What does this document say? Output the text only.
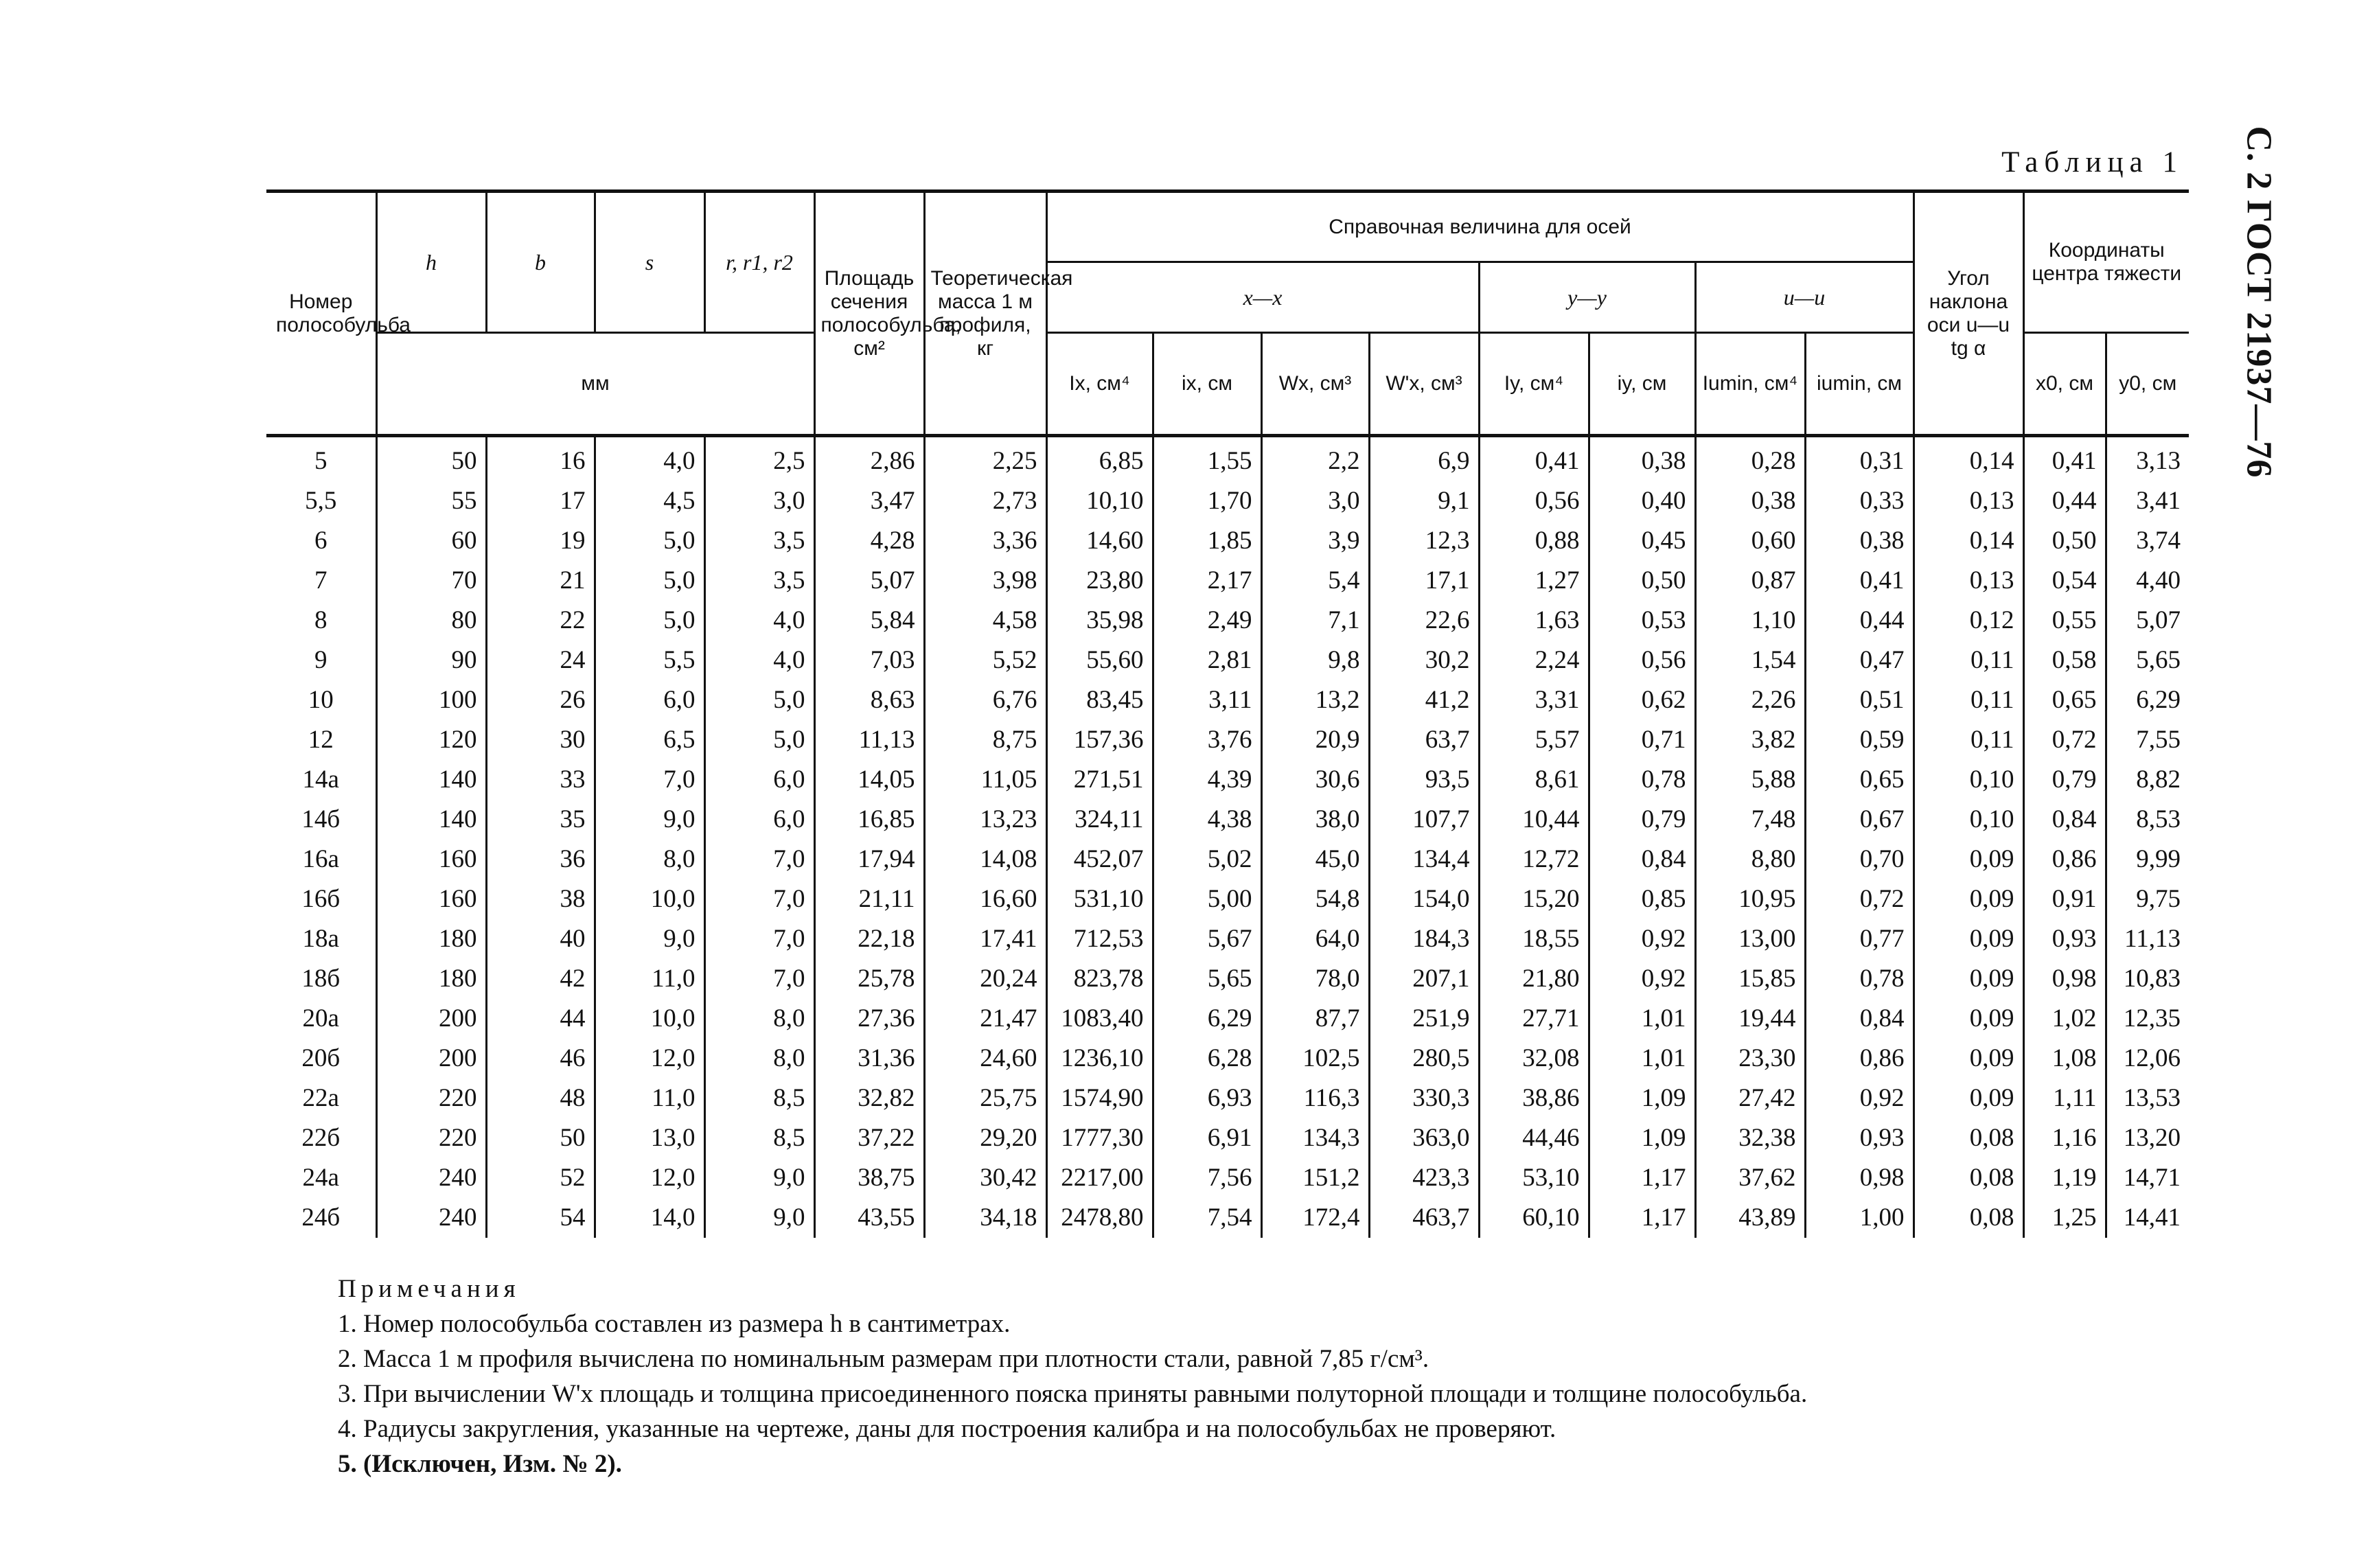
С. 2 ГОСТ 21937—76
Таблица 1
Номер полособульба	h	b	s	r, r1, r2	Площадь сечения полособульба, см²	Теоретическая масса 1 м профиля, кг	Справочная величина для осей								Угол наклона оси u—u tg α	Координаты центра тяжести	
							x—x				y—y		u—u				
	мм						Ix, см⁴	ix, см	Wx, см³	W'x, см³	Iy, см⁴	iy, см	Iumin, см⁴	iumin, см		x0, см	y0, см
5	50	16	4,0	2,5	2,86	2,25	6,85	1,55	2,2	6,9	0,41	0,38	0,28	0,31	0,14	0,41	3,13
5,5	55	17	4,5	3,0	3,47	2,73	10,10	1,70	3,0	9,1	0,56	0,40	0,38	0,33	0,13	0,44	3,41
6	60	19	5,0	3,5	4,28	3,36	14,60	1,85	3,9	12,3	0,88	0,45	0,60	0,38	0,14	0,50	3,74
7	70	21	5,0	3,5	5,07	3,98	23,80	2,17	5,4	17,1	1,27	0,50	0,87	0,41	0,13	0,54	4,40
8	80	22	5,0	4,0	5,84	4,58	35,98	2,49	7,1	22,6	1,63	0,53	1,10	0,44	0,12	0,55	5,07
9	90	24	5,5	4,0	7,03	5,52	55,60	2,81	9,8	30,2	2,24	0,56	1,54	0,47	0,11	0,58	5,65
10	100	26	6,0	5,0	8,63	6,76	83,45	3,11	13,2	41,2	3,31	0,62	2,26	0,51	0,11	0,65	6,29
12	120	30	6,5	5,0	11,13	8,75	157,36	3,76	20,9	63,7	5,57	0,71	3,82	0,59	0,11	0,72	7,55
14а	140	33	7,0	6,0	14,05	11,05	271,51	4,39	30,6	93,5	8,61	0,78	5,88	0,65	0,10	0,79	8,82
14б	140	35	9,0	6,0	16,85	13,23	324,11	4,38	38,0	107,7	10,44	0,79	7,48	0,67	0,10	0,84	8,53
16а	160	36	8,0	7,0	17,94	14,08	452,07	5,02	45,0	134,4	12,72	0,84	8,80	0,70	0,09	0,86	9,99
16б	160	38	10,0	7,0	21,11	16,60	531,10	5,00	54,8	154,0	15,20	0,85	10,95	0,72	0,09	0,91	9,75
18а	180	40	9,0	7,0	22,18	17,41	712,53	5,67	64,0	184,3	18,55	0,92	13,00	0,77	0,09	0,93	11,13
18б	180	42	11,0	7,0	25,78	20,24	823,78	5,65	78,0	207,1	21,80	0,92	15,85	0,78	0,09	0,98	10,83
20а	200	44	10,0	8,0	27,36	21,47	1083,40	6,29	87,7	251,9	27,71	1,01	19,44	0,84	0,09	1,02	12,35
20б	200	46	12,0	8,0	31,36	24,60	1236,10	6,28	102,5	280,5	32,08	1,01	23,30	0,86	0,09	1,08	12,06
22а	220	48	11,0	8,5	32,82	25,75	1574,90	6,93	116,3	330,3	38,86	1,09	27,42	0,92	0,09	1,11	13,53
22б	220	50	13,0	8,5	37,22	29,20	1777,30	6,91	134,3	363,0	44,46	1,09	32,38	0,93	0,08	1,16	13,20
24а	240	52	12,0	9,0	38,75	30,42	2217,00	7,56	151,2	423,3	53,10	1,17	37,62	0,98	0,08	1,19	14,71
24б	240	54	14,0	9,0	43,55	34,18	2478,80	7,54	172,4	463,7	60,10	1,17	43,89	1,00	0,08	1,25	14,41
Примечания
1. Номер полособульба составлен из размера h в сантиметрах.
2. Масса 1 м профиля вычислена по номинальным размерам при плотности стали, равной 7,85 г/см³.
3. При вычислении W'x площадь и толщина присоединенного пояска приняты равными полуторной площади и толщине полособульба.
4. Радиусы закругления, указанные на чертеже, даны для построения калибра и на полособульбах не проверяют.
5. (Исключен, Изм. № 2).
